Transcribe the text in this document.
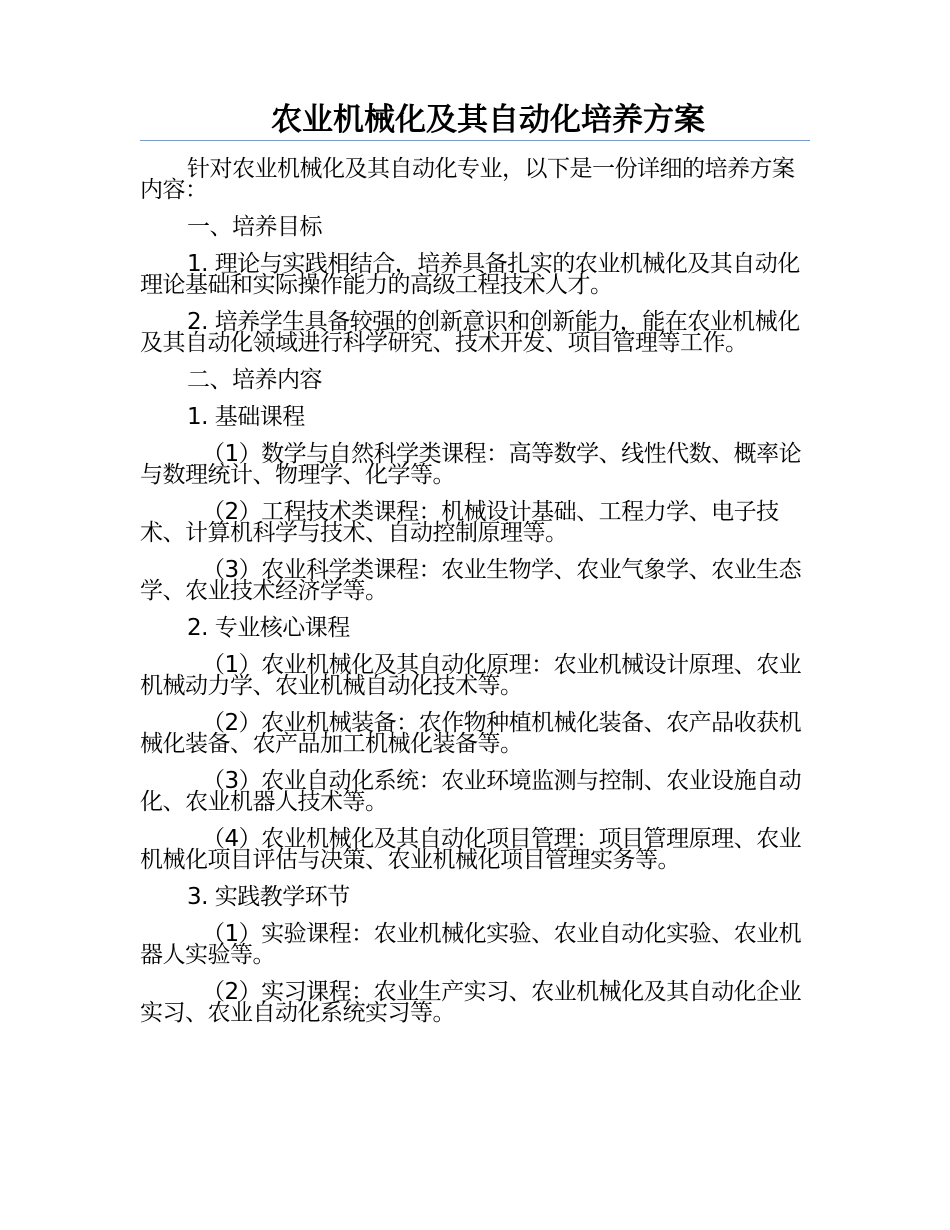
农业机械化及其自动化培养方案

针对农业机械化及其自动化专业，以下是一份详细的培养方案内容：

一、培养目标

1. 理论与实践相结合，培养具备扎实的农业机械化及其自动化理论基础和实际操作能力的高级工程技术人才。

2. 培养学生具备较强的创新意识和创新能力，能在农业机械化及其自动化领域进行科学研究、技术开发、项目管理等工作。

二、培养内容

1. 基础课程

（1）数学与自然科学类课程：高等数学、线性代数、概率论与数理统计、物理学、化学等。

（2）工程技术类课程：机械设计基础、工程力学、电子技术、计算机科学与技术、自动控制原理等。

（3）农业科学类课程：农业生物学、农业气象学、农业生态学、农业技术经济学等。

2. 专业核心课程

（1）农业机械化及其自动化原理：农业机械设计原理、农业机械动力学、农业机械自动化技术等。

（2）农业机械装备：农作物种植机械化装备、农产品收获机械化装备、农产品加工机械化装备等。

（3）农业自动化系统：农业环境监测与控制、农业设施自动化、农业机器人技术等。

（4）农业机械化及其自动化项目管理：项目管理原理、农业机械化项目评估与决策、农业机械化项目管理实务等。

3. 实践教学环节

（1）实验课程：农业机械化实验、农业自动化实验、农业机器人实验等。

（2）实习课程：农业生产实习、农业机械化及其自动化企业实习、农业自动化系统实习等。
